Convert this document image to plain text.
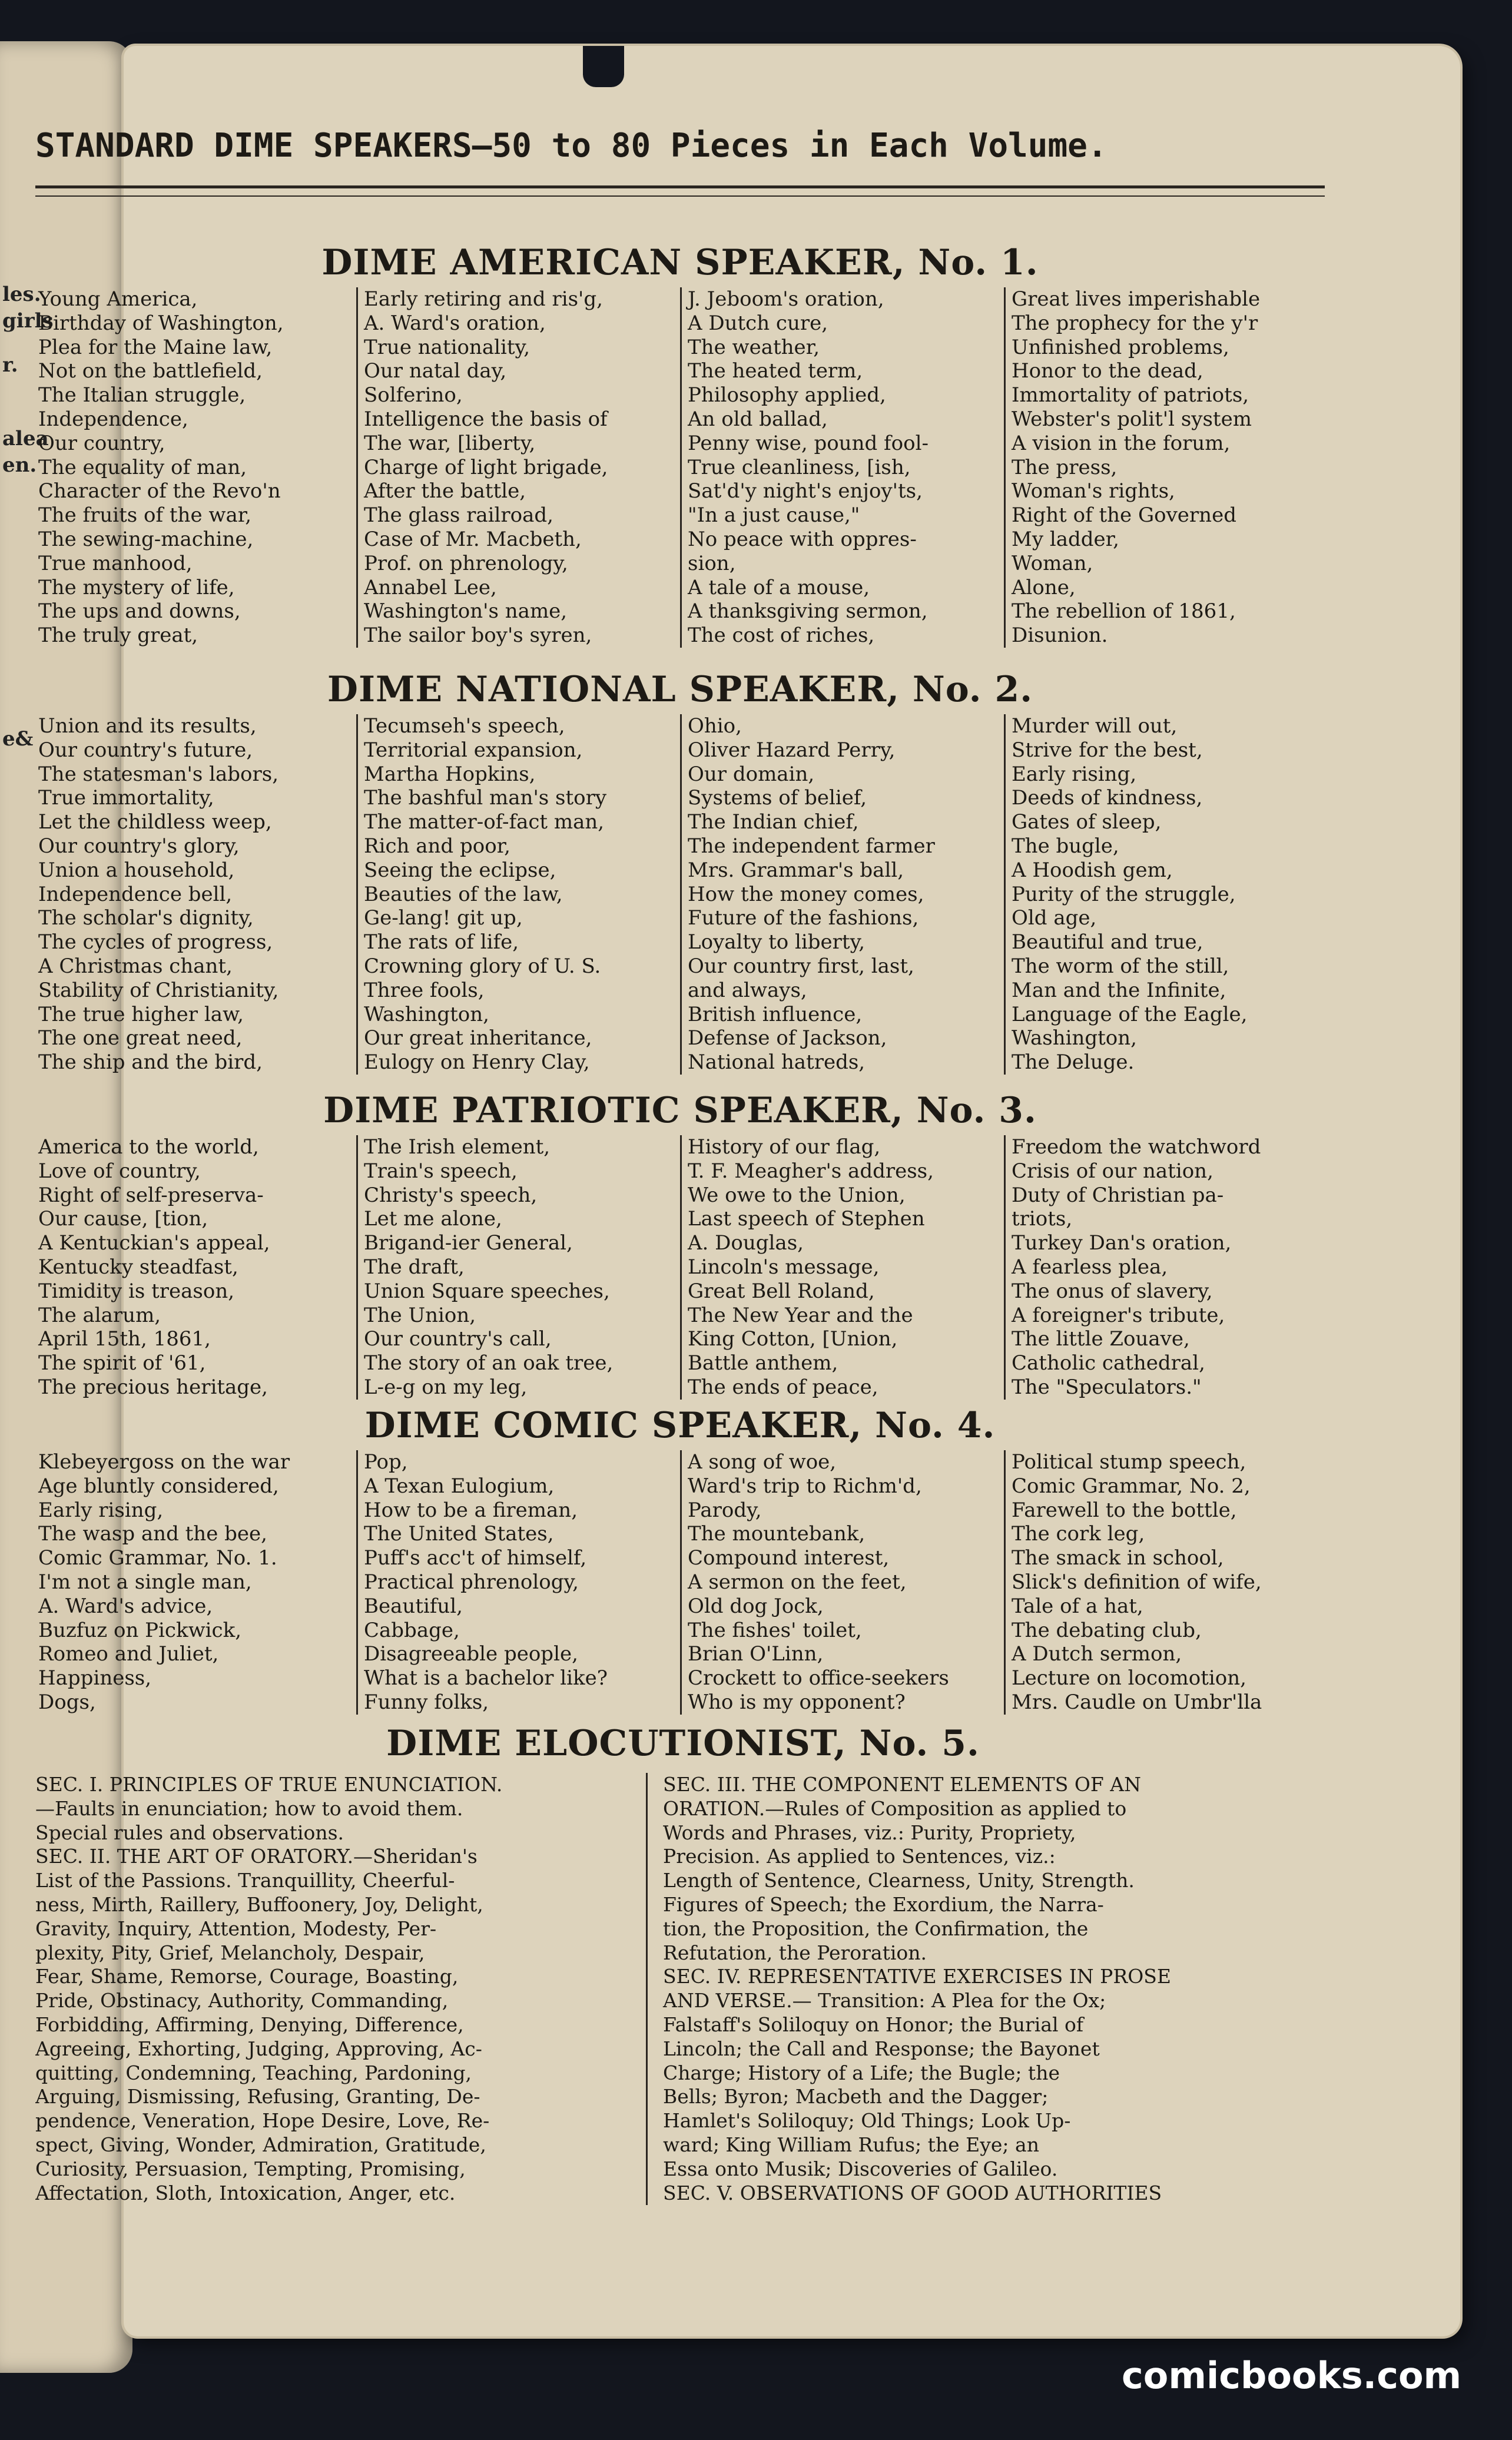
les.
girls
r.
alea
en.
e&
STANDARD DIME SPEAKERS—50 to 80 Pieces in Each Volume.
DIME AMERICAN SPEAKER, No. 1.
Young America,
Birthday of Washington,
Plea for the Maine law,
Not on the battlefield,
The Italian struggle,
Independence,
Our country,
The equality of man,
Character of the Revo'n
The fruits of the war,
The sewing-machine,
True manhood,
The mystery of life,
The ups and downs,
The truly great,
Early retiring and ris'g,
A. Ward's oration,
True nationality,
Our natal day,
Solferino,
Intelligence the basis of
The war, [liberty,
Charge of light brigade,
After the battle,
The glass railroad,
Case of Mr. Macbeth,
Prof. on phrenology,
Annabel Lee,
Washington's name,
The sailor boy's syren,
J. Jeboom's oration,
A Dutch cure,
The weather,
The heated term,
Philosophy applied,
An old ballad,
Penny wise, pound fool-
True cleanliness, [ish,
Sat'd'y night's enjoy'ts,
"In a just cause,"
No peace with oppres-
sion,
A tale of a mouse,
A thanksgiving sermon,
The cost of riches,
Great lives imperishable
The prophecy for the y'r
Unfinished problems,
Honor to the dead,
Immortality of patriots,
Webster's polit'l system
A vision in the forum,
The press,
Woman's rights,
Right of the Governed
My ladder,
Woman,
Alone,
The rebellion of 1861,
Disunion.
DIME NATIONAL SPEAKER, No. 2.
Union and its results,
Our country's future,
The statesman's labors,
True immortality,
Let the childless weep,
Our country's glory,
Union a household,
Independence bell,
The scholar's dignity,
The cycles of progress,
A Christmas chant,
Stability of Christianity,
The true higher law,
The one great need,
The ship and the bird,
Tecumseh's speech,
Territorial expansion,
Martha Hopkins,
The bashful man's story
The matter-of-fact man,
Rich and poor,
Seeing the eclipse,
Beauties of the law,
Ge-lang! git up,
The rats of life,
Crowning glory of U. S.
Three fools,
Washington,
Our great inheritance,
Eulogy on Henry Clay,
Ohio,
Oliver Hazard Perry,
Our domain,
Systems of belief,
The Indian chief,
The independent farmer
Mrs. Grammar's ball,
How the money comes,
Future of the fashions,
Loyalty to liberty,
Our country first, last,
and always,
British influence,
Defense of Jackson,
National hatreds,
Murder will out,
Strive for the best,
Early rising,
Deeds of kindness,
Gates of sleep,
The bugle,
A Hoodish gem,
Purity of the struggle,
Old age,
Beautiful and true,
The worm of the still,
Man and the Infinite,
Language of the Eagle,
Washington,
The Deluge.
DIME PATRIOTIC SPEAKER, No. 3.
America to the world,
Love of country,
Right of self-preserva-
Our cause, [tion,
A Kentuckian's appeal,
Kentucky steadfast,
Timidity is treason,
The alarum,
April 15th, 1861,
The spirit of '61,
The precious heritage,
The Irish element,
Train's speech,
Christy's speech,
Let me alone,
Brigand-ier General,
The draft,
Union Square speeches,
The Union,
Our country's call,
The story of an oak tree,
L-e-g on my leg,
History of our flag,
T. F. Meagher's address,
We owe to the Union,
Last speech of Stephen
A. Douglas,
Lincoln's message,
Great Bell Roland,
The New Year and the
King Cotton, [Union,
Battle anthem,
The ends of peace,
Freedom the watchword
Crisis of our nation,
Duty of Christian pa-
triots,
Turkey Dan's oration,
A fearless plea,
The onus of slavery,
A foreigner's tribute,
The little Zouave,
Catholic cathedral,
The "Speculators."
DIME COMIC SPEAKER, No. 4.
Klebeyergoss on the war
Age bluntly considered,
Early rising,
The wasp and the bee,
Comic Grammar, No. 1.
I'm not a single man,
A. Ward's advice,
Buzfuz on Pickwick,
Romeo and Juliet,
Happiness,
Dogs,
Pop,
A Texan Eulogium,
How to be a fireman,
The United States,
Puff's acc't of himself,
Practical phrenology,
Beautiful,
Cabbage,
Disagreeable people,
What is a bachelor like?
Funny folks,
A song of woe,
Ward's trip to Richm'd,
Parody,
The mountebank,
Compound interest,
A sermon on the feet,
Old dog Jock,
The fishes' toilet,
Brian O'Linn,
Crockett to office-seekers
Who is my opponent?
Political stump speech,
Comic Grammar, No. 2,
Farewell to the bottle,
The cork leg,
The smack in school,
Slick's definition of wife,
Tale of a hat,
The debating club,
A Dutch sermon,
Lecture on locomotion,
Mrs. Caudle on Umbr'lla
DIME ELOCUTIONIST, No. 5.
SEC. I. PRINCIPLES OF TRUE ENUNCIATION.
—Faults in enunciation; how to avoid them.
Special rules and observations.
SEC. II. THE ART OF ORATORY.—Sheridan's
List of the Passions. Tranquillity, Cheerful-
ness, Mirth, Raillery, Buffoonery, Joy, Delight,
Gravity, Inquiry, Attention, Modesty, Per-
plexity, Pity, Grief, Melancholy, Despair,
Fear, Shame, Remorse, Courage, Boasting,
Pride, Obstinacy, Authority, Commanding,
Forbidding, Affirming, Denying, Difference,
Agreeing, Exhorting, Judging, Approving, Ac-
quitting, Condemning, Teaching, Pardoning,
Arguing, Dismissing, Refusing, Granting, De-
pendence, Veneration, Hope Desire, Love, Re-
spect, Giving, Wonder, Admiration, Gratitude,
Curiosity, Persuasion, Tempting, Promising,
Affectation, Sloth, Intoxication, Anger, etc.
SEC. III. THE COMPONENT ELEMENTS OF AN
ORATION.—Rules of Composition as applied to
Words and Phrases, viz.: Purity, Propriety,
Precision. As applied to Sentences, viz.:
Length of Sentence, Clearness, Unity, Strength.
Figures of Speech; the Exordium, the Narra-
tion, the Proposition, the Confirmation, the
Refutation, the Peroration.
SEC. IV. REPRESENTATIVE EXERCISES IN PROSE
AND VERSE.— Transition: A Plea for the Ox;
Falstaff's Soliloquy on Honor; the Burial of
Lincoln; the Call and Response; the Bayonet
Charge; History of a Life; the Bugle; the
Bells; Byron; Macbeth and the Dagger;
Hamlet's Soliloquy; Old Things; Look Up-
ward; King William Rufus; the Eye; an
Essa onto Musik; Discoveries of Galileo.
SEC. V. OBSERVATIONS OF GOOD AUTHORITIES
comicbooks.com
